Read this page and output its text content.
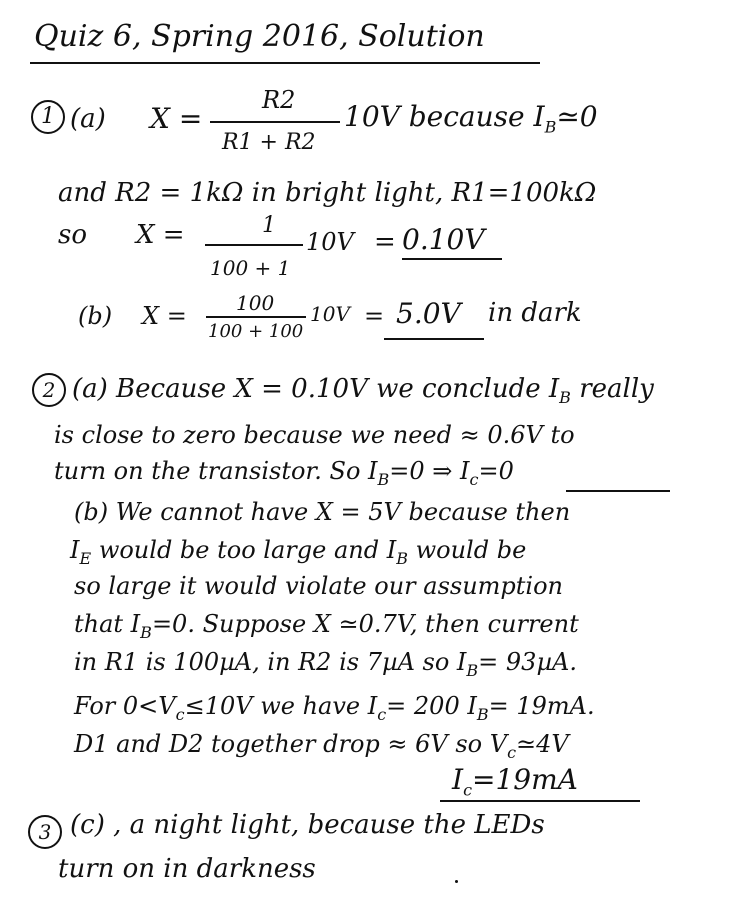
Quiz 6, Spring 2016, Solution
1 (a) X =
R2
R1 + R2
10V because $I_B≃0$
and R2 = 1kΩ in bright light, R1=100kΩ
so X =	1
100 + 1
10V = 0.10V
(b) X = 100
100 + 100
10V = 5.0V in dark
2 (a) Because X = 0.10V we conclude $I_B$ really
is close to zero because we need ≈ 0.6V to
turn on the transistor. So $I_B=0$ ⇒ $I_c=0$
(b) We cannot have X = 5V because then
$I_E$ would be too large and $I_B$ would be
so large it would violate our assumption
that $I_B=0$. Suppose X ≃0.7V, then current
in R1 is 100µA, in R2 is 7µA so $I_B= 93\mu A$.
For $0<V_c\le 10V$ we have $I_c= 200$ $I_B= 19mA$.
D1 and D2 together drop ≈ 6V so $V_c≃4V$
$I_c=19mA$
3 (c) , a night light, because the LEDs
turn on in darkness
